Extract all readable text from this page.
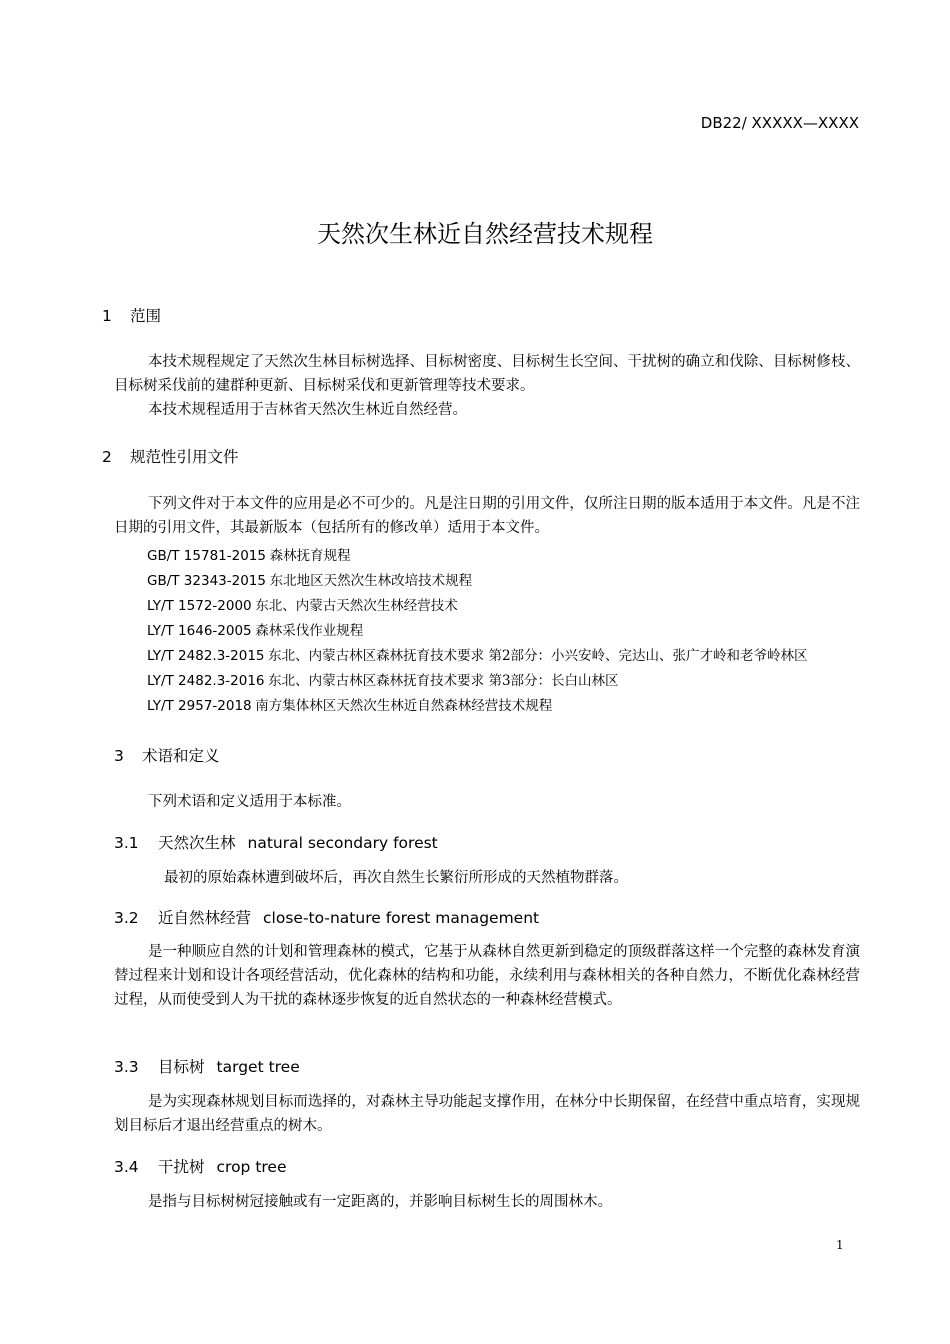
DB22/ XXXXX—XXXX
天然次生林近自然经营技术规程
1 范围
本技术规程规定了天然次生林目标树选择、目标树密度、目标树生长空间、干扰树的确立和伐除、目标树修枝、目标树采伐前的建群种更新、目标树采伐和更新管理等技术要求。
本技术规程适用于吉林省天然次生林近自然经营。
2 规范性引用文件
下列文件对于本文件的应用是必不可少的。凡是注日期的引用文件，仅所注日期的版本适用于本文件。凡是不注日期的引用文件，其最新版本（包括所有的修改单）适用于本文件。
GB/T 15781-2015 森林抚育规程
GB/T 32343-2015 东北地区天然次生林改培技术规程
LY/T 1572-2000 东北、内蒙古天然次生林经营技术
LY/T 1646-2005 森林采伐作业规程
LY/T 2482.3-2015 东北、内蒙古林区森林抚育技术要求 第2部分：小兴安岭、完达山、张广才岭和老爷岭林区
LY/T 2482.3-2016 东北、内蒙古林区森林抚育技术要求 第3部分：长白山林区
LY/T 2957-2018 南方集体林区天然次生林近自然森林经营技术规程
3 术语和定义
下列术语和定义适用于本标准。
3.1 天然次生林 natural secondary forest
最初的原始森林遭到破坏后，再次自然生长繁衍所形成的天然植物群落。
3.2 近自然林经营 close-to-nature forest management
是一种顺应自然的计划和管理森林的模式，它基于从森林自然更新到稳定的顶级群落这样一个完整的森林发育演替过程来计划和设计各项经营活动，优化森林的结构和功能，永续利用与森林相关的各种自然力，不断优化森林经营过程，从而使受到人为干扰的森林逐步恢复的近自然状态的一种森林经营模式。
3.3 目标树 target tree
是为实现森林规划目标而选择的，对森林主导功能起支撑作用，在林分中长期保留，在经营中重点培育，实现规划目标后才退出经营重点的树木。
3.4 干扰树 crop tree
是指与目标树树冠接触或有一定距离的，并影响目标树生长的周围林木。
1
